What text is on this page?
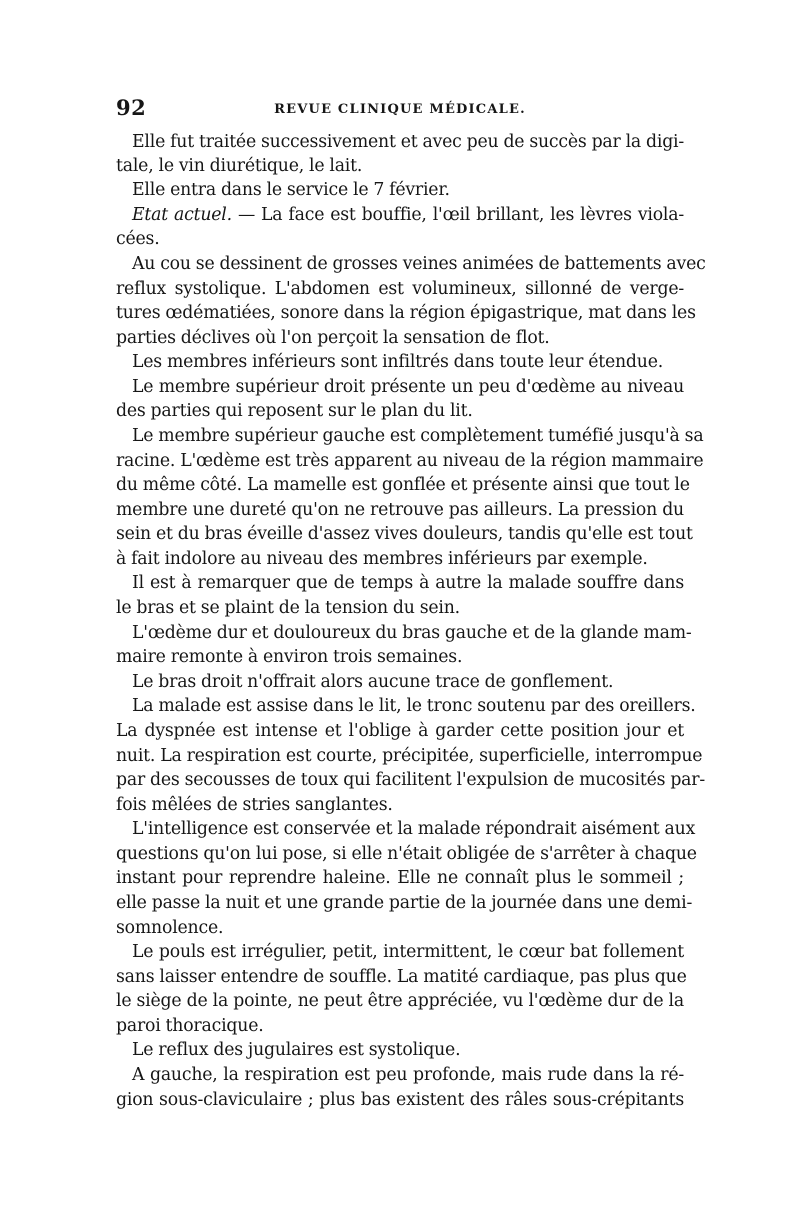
92	REVUE CLINIQUE MÉDICALE.
Elle fut traitée successivement et avec peu de succès par la digi-
tale, le vin diurétique, le lait.
Elle entra dans le service le 7 février.
Etat actuel. — La face est bouffie, l'œil brillant, les lèvres viola-
cées.
Au cou se dessinent de grosses veines animées de battements avec
reflux systolique. L'abdomen est volumineux, sillonné de verge-
tures œdématiées, sonore dans la région épigastrique, mat dans les
parties déclives où l'on perçoit la sensation de flot.
Les membres inférieurs sont infiltrés dans toute leur étendue.
Le membre supérieur droit présente un peu d'œdème au niveau
des parties qui reposent sur le plan du lit.
Le membre supérieur gauche est complètement tuméfié jusqu'à sa
racine. L'œdème est très apparent au niveau de la région mammaire
du même côté. La mamelle est gonflée et présente ainsi que tout le
membre une dureté qu'on ne retrouve pas ailleurs. La pression du
sein et du bras éveille d'assez vives douleurs, tandis qu'elle est tout
à fait indolore au niveau des membres inférieurs par exemple.
Il est à remarquer que de temps à autre la malade souffre dans
le bras et se plaint de la tension du sein.
L'œdème dur et douloureux du bras gauche et de la glande mam-
maire remonte à environ trois semaines.
Le bras droit n'offrait alors aucune trace de gonflement.
La malade est assise dans le lit, le tronc soutenu par des oreillers.
La dyspnée est intense et l'oblige à garder cette position jour et
nuit. La respiration est courte, précipitée, superficielle, interrompue
par des secousses de toux qui facilitent l'expulsion de mucosités par-
fois mêlées de stries sanglantes.
L'intelligence est conservée et la malade répondrait aisément aux
questions qu'on lui pose, si elle n'était obligée de s'arrêter à chaque
instant pour reprendre haleine. Elle ne connaît plus le sommeil ;
elle passe la nuit et une grande partie de la journée dans une demi-
somnolence.
Le pouls est irrégulier, petit, intermittent, le cœur bat follement
sans laisser entendre de souffle. La matité cardiaque, pas plus que
le siège de la pointe, ne peut être appréciée, vu l'œdème dur de la
paroi thoracique.
Le reflux des jugulaires est systolique.
A gauche, la respiration est peu profonde, mais rude dans la ré-
gion sous-claviculaire ; plus bas existent des râles sous-crépitants
